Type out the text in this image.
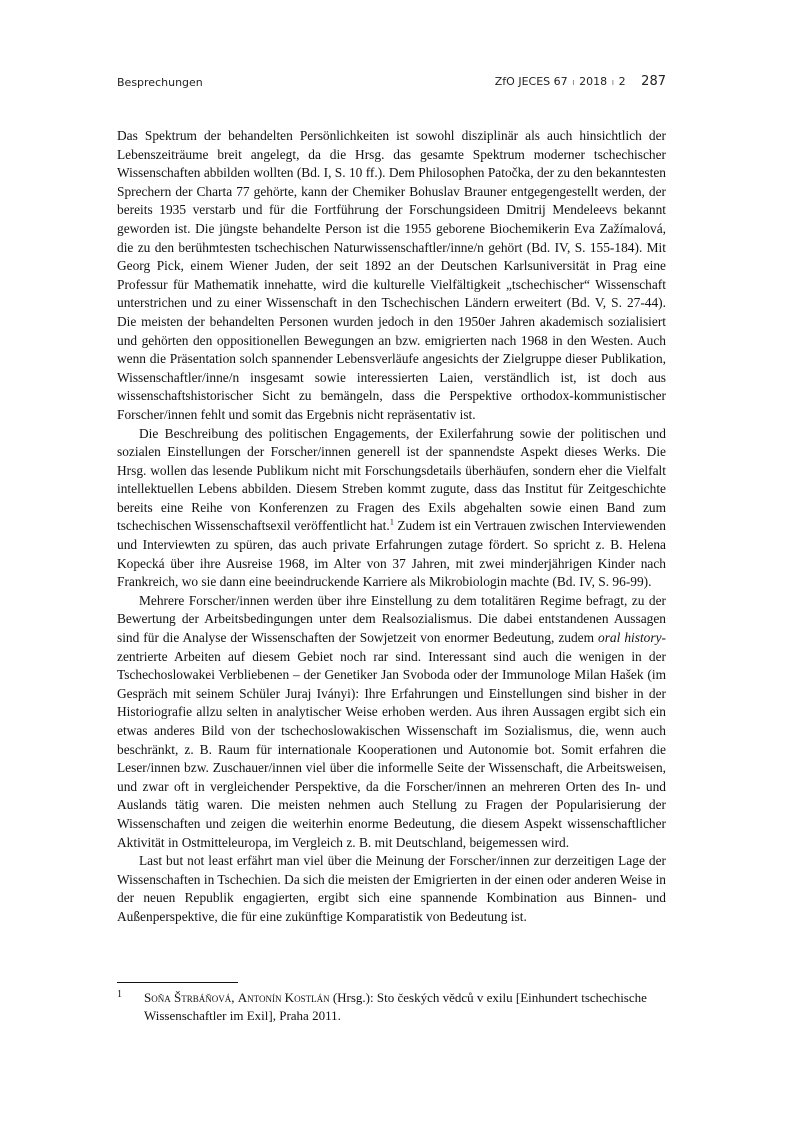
Besprechungen	ZfO JECES 67 ı 2018 ı 2 287

Das Spektrum der behandelten Persönlichkeiten ist sowohl disziplinär als auch hinsichtlich der Lebenszeiträume breit angelegt, da die Hrsg. das gesamte Spektrum moderner tschechischer Wissenschaften abbilden wollten (Bd. I, S. 10 ff.). Dem Philosophen Patočka, der zu den bekanntesten Sprechern der Charta 77 gehörte, kann der Chemiker Bohuslav Brauner entgegengestellt werden, der bereits 1935 verstarb und für die Fortführung der Forschungsideen Dmitrij Mendeleevs bekannt geworden ist. Die jüngste behandelte Person ist die 1955 geborene Biochemikerin Eva Zažímalová, die zu den berühmtesten tschechischen Naturwissenschaftler/inne/n gehört (Bd. IV, S. 155-184). Mit Georg Pick, einem Wiener Juden, der seit 1892 an der Deutschen Karlsuniversität in Prag eine Professur für Mathematik innehatte, wird die kulturelle Vielfältigkeit „tschechischer“ Wissenschaft unterstrichen und zu einer Wissenschaft in den Tschechischen Ländern erweitert (Bd. V, S. 27-44). Die meisten der behandelten Personen wurden jedoch in den 1950er Jahren akademisch sozialisiert und gehörten den oppositionellen Bewegungen an bzw. emigrierten nach 1968 in den Westen. Auch wenn die Präsentation solch spannender Lebensverläufe angesichts der Zielgruppe dieser Publikation, Wissenschaftler/inne/n insgesamt sowie interessierten Laien, verständlich ist, ist doch aus wissenschaftshistorischer Sicht zu bemängeln, dass die Perspektive orthodox-kommunistischer Forscher/innen fehlt und somit das Ergebnis nicht repräsentativ ist.

Die Beschreibung des politischen Engagements, der Exilerfahrung sowie der politischen und sozialen Einstellungen der Forscher/innen generell ist der spannendste Aspekt dieses Werks. Die Hrsg. wollen das lesende Publikum nicht mit Forschungsdetails überhäufen, sondern eher die Vielfalt intellektuellen Lebens abbilden. Diesem Streben kommt zugute, dass das Institut für Zeitgeschichte bereits eine Reihe von Konferenzen zu Fragen des Exils abgehalten sowie einen Band zum tschechischen Wissenschaftsexil veröffentlicht hat.$^1$ Zudem ist ein Vertrauen zwischen Interviewenden und Interviewten zu spüren, das auch private Erfahrungen zutage fördert. So spricht z. B. Helena Kopecká über ihre Ausreise 1968, im Alter von 37 Jahren, mit zwei minderjährigen Kinder nach Frankreich, wo sie dann eine beeindruckende Karriere als Mikrobiologin machte (Bd. IV, S. 96-99).

Mehrere Forscher/innen werden über ihre Einstellung zu dem totalitären Regime befragt, zu der Bewertung der Arbeitsbedingungen unter dem Realsozialismus. Die dabei entstandenen Aussagen sind für die Analyse der Wissenschaften der Sowjetzeit von enormer Bedeutung, zudem oral history-zentrierte Arbeiten auf diesem Gebiet noch rar sind. Interessant sind auch die wenigen in der Tschechoslowakei Verbliebenen – der Genetiker Jan Svoboda oder der Immunologe Milan Hašek (im Gespräch mit seinem Schüler Juraj Iványi): Ihre Erfahrungen und Einstellungen sind bisher in der Historiografie allzu selten in analytischer Weise erhoben werden. Aus ihren Aussagen ergibt sich ein etwas anderes Bild von der tschechoslowakischen Wissenschaft im Sozialismus, die, wenn auch beschränkt, z. B. Raum für internationale Kooperationen und Autonomie bot. Somit erfahren die Leser/innen bzw. Zuschauer/innen viel über die informelle Seite der Wissenschaft, die Arbeitsweisen, und zwar oft in vergleichender Perspektive, da die Forscher/innen an mehreren Orten des In- und Auslands tätig waren. Die meisten nehmen auch Stellung zu Fragen der Popularisierung der Wissenschaften und zeigen die weiterhin enorme Bedeutung, die diesem Aspekt wissenschaftlicher Aktivität in Ostmitteleuropa, im Vergleich z. B. mit Deutschland, beigemessen wird.

Last but not least erfährt man viel über die Meinung der Forscher/innen zur derzeitigen Lage der Wissenschaften in Tschechien. Da sich die meisten der Emigrierten in der einen oder anderen Weise in der neuen Republik engagierten, ergibt sich eine spannende Kombination aus Binnen- und Außenperspektive, die für eine zukünftige Komparatistik von Bedeutung ist.

1 Soňa Štrbáňová, Antonín Kostlán (Hrsg.): Sto českých vědců v exilu [Einhundert tschechische Wissenschaftler im Exil], Praha 2011.
